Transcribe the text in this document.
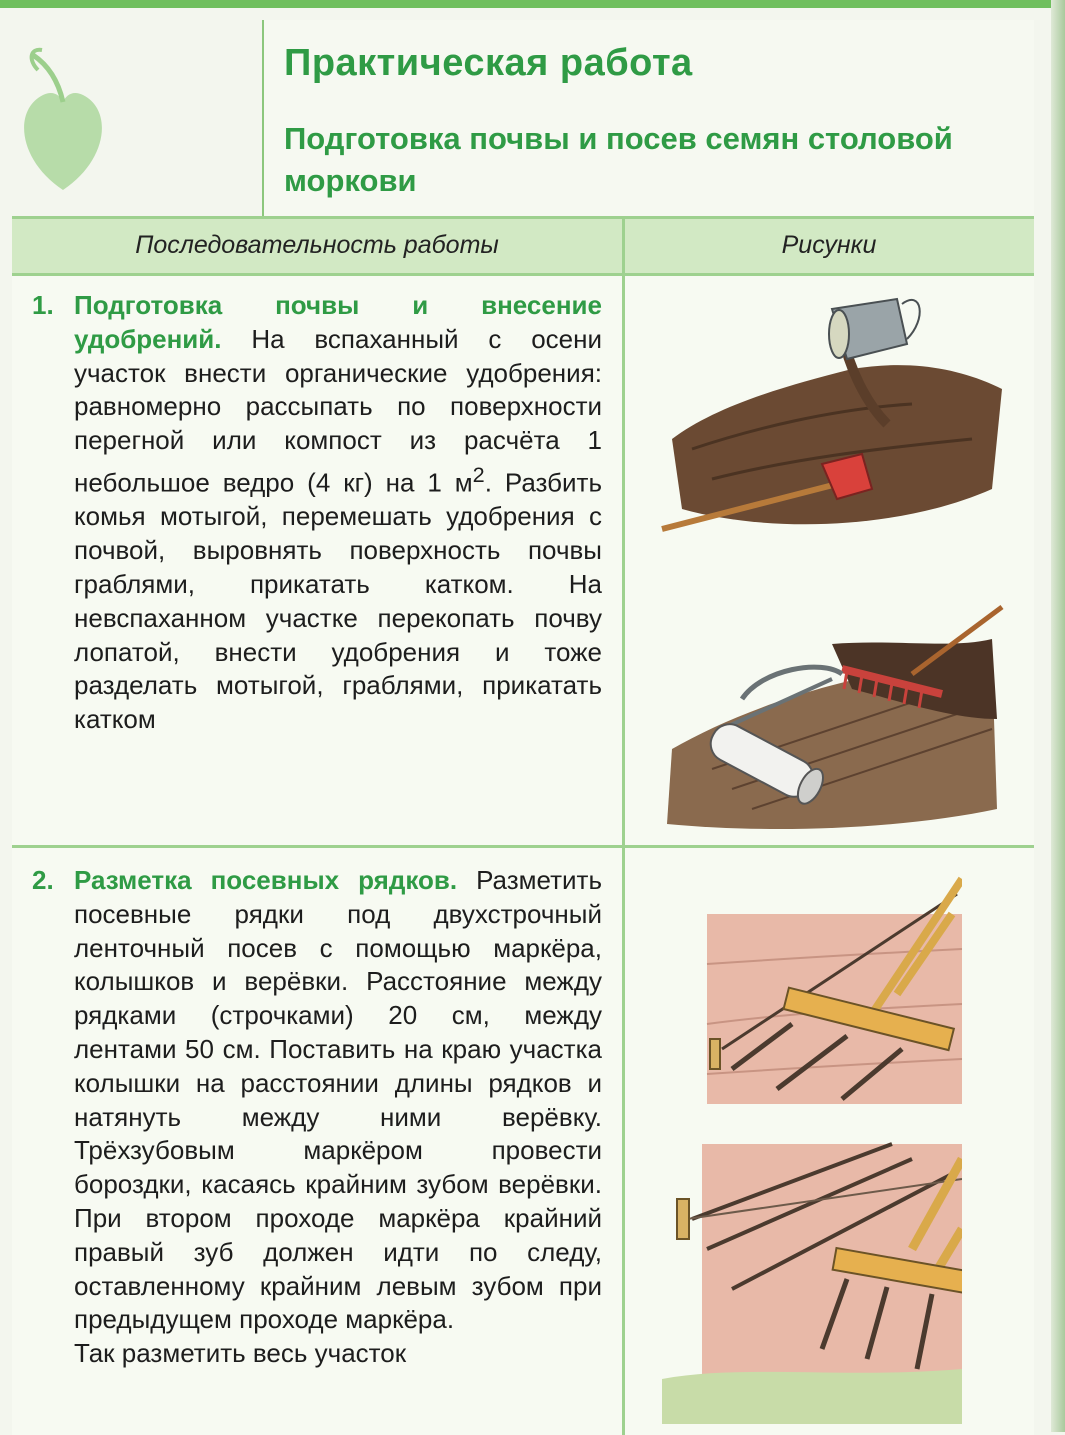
Практическая работа
Подготовка почвы и посев семян столовой моркови
Последовательность работы	Рисунки
1. Подготовка почвы и внесение удобрений. На вспаханный с осени участок внести органические удобрения: равномерно рассыпать по поверхности перегной или компост из расчёта 1 небольшое ведро (4 кг) на 1 $м^2$. Разбить комья мотыгой, перемешать удобрения с почвой, выровнять поверхность почвы граблями, прикатать катком. На невспаханном участке перекопать почву лопатой, внести удобрения и тоже разделать мотыгой, граблями, прикатать катком
2. Разметка посевных рядков. Разметить посевные рядки под двухстрочный ленточный посев с помощью маркёра, колышков и верёвки. Расстояние между рядками (строчками) 20 см, между лентами 50 см. Поставить на краю участка колышки на расстоянии длины рядков и натянуть между ними верёвку. Трёхзубовым маркёром провести бороздки, касаясь крайним зубом верёвки. При втором проходе маркёра крайний правый зуб должен идти по следу, оставленному крайним левым зубом при предыдущем проходе маркёра.
Так разметить весь участок
